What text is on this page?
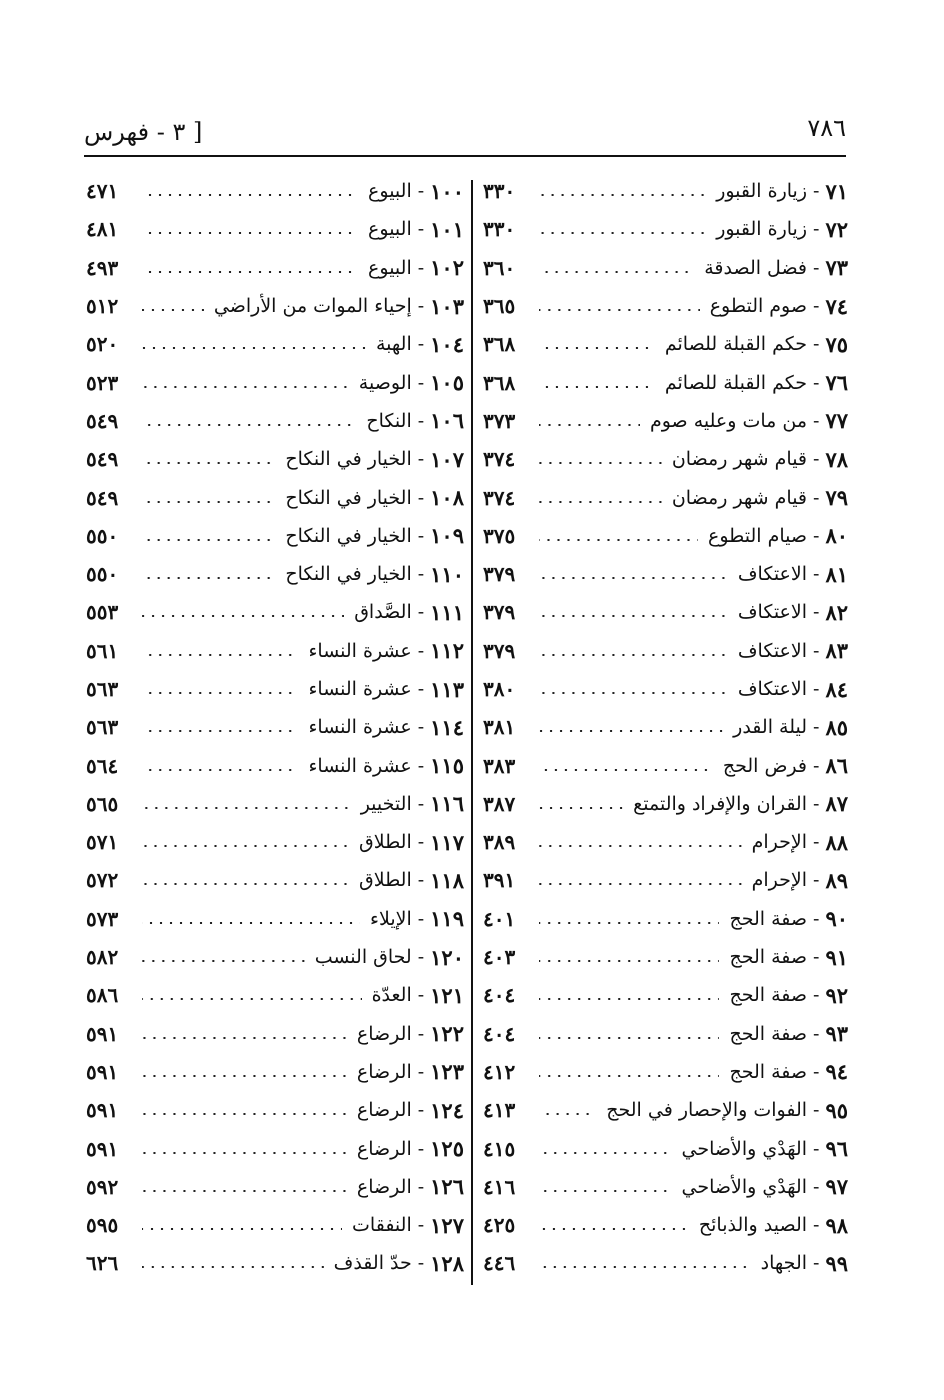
[ ٣ - فهرس	٧٨٦
٧١
-
زيارة القبور
٣٣٠
٧٢
-
زيارة القبور
٣٣٠
٧٣
-
فضل الصدقة
٣٦٠
٧٤
-
صوم التطوع
٣٦٥
٧٥
-
حكم القبلة للصائم
٣٦٨
٧٦
-
حكم القبلة للصائم
٣٦٨
٧٧
-
من مات وعليه صوم
٣٧٣
٧٨
-
قيام شهر رمضان
٣٧٤
٧٩
-
قيام شهر رمضان
٣٧٤
٨٠
-
صيام التطوع
٣٧٥
٨١
-
الاعتكاف
٣٧٩
٨٢
-
الاعتكاف
٣٧٩
٨٣
-
الاعتكاف
٣٧٩
٨٤
-
الاعتكاف
٣٨٠
٨٥
-
ليلة القدر
٣٨١
٨٦
-
فرض الحج
٣٨٣
٨٧
-
القران والإفراد والتمتع
٣٨٧
٨٨
-
الإحرام
٣٨٩
٨٩
-
الإحرام
٣٩١
٩٠
-
صفة الحج
٤٠١
٩١
-
صفة الحج
٤٠٣
٩٢
-
صفة الحج
٤٠٤
٩٣
-
صفة الحج
٤٠٤
٩٤
-
صفة الحج
٤١٢
٩٥
-
الفوات والإحصار في الحج
٤١٣
٩٦
-
الهَدْي والأضاحي
٤١٥
٩٧
-
الهَدْي والأضاحي
٤١٦
٩٨
-
الصيد والذبائح
٤٢٥
٩٩
-
الجهاد
٤٤٦
١٠٠
-
البيوع
٤٧١
١٠١
-
البيوع
٤٨١
١٠٢
-
البيوع
٤٩٣
١٠٣
-
إحياء الموات من الأراضي
٥١٢
١٠٤
-
الهبة
٥٢٠
١٠٥
-
الوصية
٥٢٣
١٠٦
-
النكاح
٥٤٩
١٠٧
-
الخيار في النكاح
٥٤٩
١٠٨
-
الخيار في النكاح
٥٤٩
١٠٩
-
الخيار في النكاح
٥٥٠
١١٠
-
الخيار في النكاح
٥٥٠
١١١
-
الصَّداق
٥٥٣
١١٢
-
عشرة النساء
٥٦١
١١٣
-
عشرة النساء
٥٦٣
١١٤
-
عشرة النساء
٥٦٣
١١٥
-
عشرة النساء
٥٦٤
١١٦
-
التخيير
٥٦٥
١١٧
-
الطلاق
٥٧١
١١٨
-
الطلاق
٥٧٢
١١٩
-
الإيلاء
٥٧٣
١٢٠
-
لحاق النسب
٥٨٢
١٢١
-
العدّة
٥٨٦
١٢٢
-
الرضاع
٥٩١
١٢٣
-
الرضاع
٥٩١
١٢٤
-
الرضاع
٥٩١
١٢٥
-
الرضاع
٥٩١
١٢٦
-
الرضاع
٥٩٢
١٢٧
-
النفقات
٥٩٥
١٢٨
-
حدّ القذف
٦٢٦
